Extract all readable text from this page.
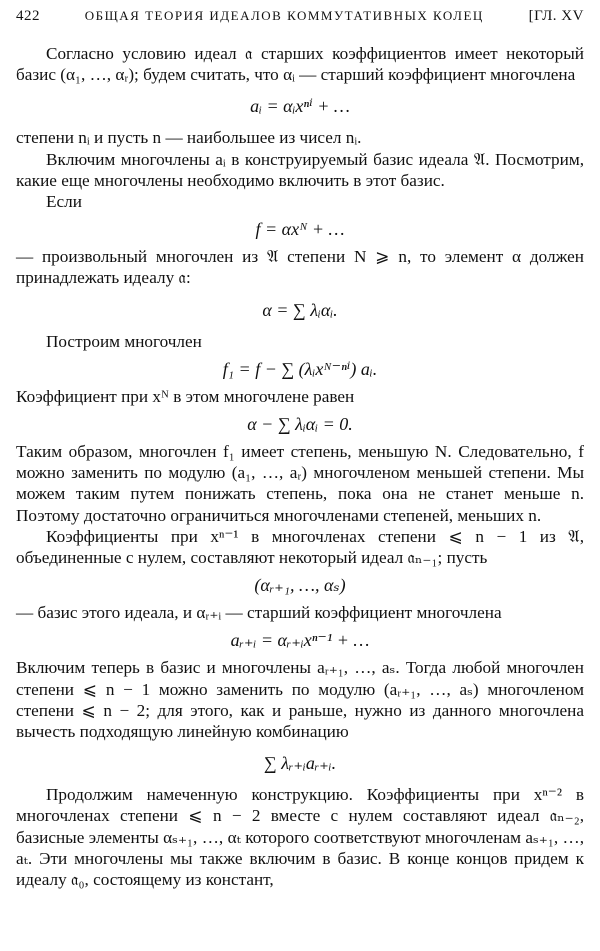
422	ОБЩАЯ ТЕОРИЯ ИДЕАЛОВ КОММУТАТИВНЫХ КОЛЕЦ	[ГЛ. XV

Согласно условию идеал 𝔞 старших коэффициентов имеет некоторый базис (α₁, …, αᵣ); будем считать, что αᵢ — старший коэффициент многочлена

aᵢ = αᵢxⁿⁱ + …

степени nᵢ и пусть n — наибольшее из чисел nᵢ.

Включим многочлены aᵢ в конструируемый базис идеала 𝔄. Посмотрим, какие еще многочлены необходимо включить в этот базис.

Если

f = αxᴺ + …

— произвольный многочлен из 𝔄 степени N ⩾ n, то элемент α должен принадлежать идеалу 𝔞:

α = ∑ λᵢαᵢ.

Построим многочлен

f₁ = f − ∑ (λᵢxᴺ⁻ⁿⁱ) aᵢ.

Коэффициент при xᴺ в этом многочлене равен

α − ∑ λᵢαᵢ = 0.

Таким образом, многочлен f₁ имеет степень, меньшую N. Следовательно, f можно заменить по модулю (a₁, …, aᵣ) многочленом меньшей степени. Мы можем таким путем понижать степень, пока она не станет меньше n. Поэтому достаточно ограничиться многочленами степеней, меньших n.

Коэффициенты при xⁿ⁻¹ в многочленах степени ⩽ n − 1 из 𝔄, объединенные с нулем, составляют некоторый идеал 𝔞ₙ₋₁; пусть

(αᵣ₊₁, …, αₛ)

— базис этого идеала, и αᵣ₊ᵢ — старший коэффициент многочлена

aᵣ₊ᵢ = αᵣ₊ᵢxⁿ⁻¹ + …

Включим теперь в базис и многочлены aᵣ₊₁, …, aₛ. Тогда любой многочлен степени ⩽ n − 1 можно заменить по модулю (aᵣ₊₁, …, aₛ) многочленом степени ⩽ n − 2; для этого, как и раньше, нужно из данного многочлена вычесть подходящую линейную комбинацию

∑ λᵣ₊ᵢaᵣ₊ᵢ.

Продолжим намеченную конструкцию. Коэффициенты при xⁿ⁻² в многочленах степени ⩽ n − 2 вместе с нулем составляют идеал 𝔞ₙ₋₂, базисные элементы αₛ₊₁, …, αₜ которого соответствуют многочленам aₛ₊₁, …, aₜ. Эти многочлены мы также включим в базис. В конце концов придем к идеалу 𝔞₀, состоящему из констант,
